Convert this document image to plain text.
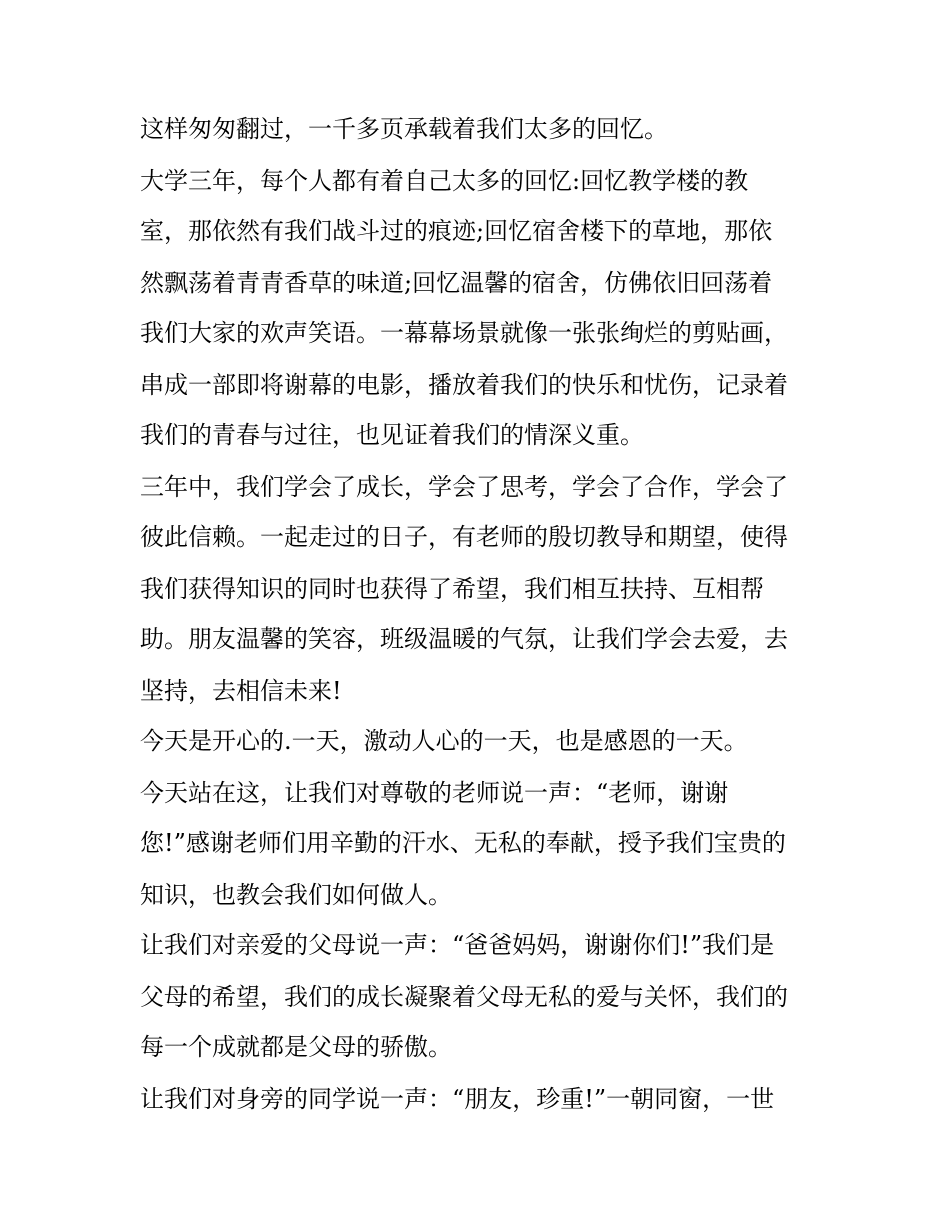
这样匆匆翻过，一千多页承载着我们太多的回忆。

大学三年，每个人都有着自己太多的回忆:回忆教学楼的教

室，那依然有我们战斗过的痕迹;回忆宿舍楼下的草地，那依

然飘荡着青青香草的味道;回忆温馨的宿舍，仿佛依旧回荡着

我们大家的欢声笑语。一幕幕场景就像一张张绚烂的剪贴画，

串成一部即将谢幕的电影，播放着我们的快乐和忧伤，记录着

我们的青春与过往，也见证着我们的情深义重。

三年中，我们学会了成长，学会了思考，学会了合作，学会了

彼此信赖。一起走过的日子，有老师的殷切教导和期望，使得

我们获得知识的同时也获得了希望，我们相互扶持、互相帮

助。朋友温馨的笑容，班级温暖的气氛，让我们学会去爱，去

坚持，去相信未来!

今天是开心的.一天，激动人心的一天，也是感恩的一天。

今天站在这，让我们对尊敬的老师说一声：“老师，谢谢

您!”感谢老师们用辛勤的汗水、无私的奉献，授予我们宝贵的

知识，也教会我们如何做人。

让我们对亲爱的父母说一声：“爸爸妈妈，谢谢你们!”我们是

父母的希望，我们的成长凝聚着父母无私的爱与关怀，我们的

每一个成就都是父母的骄傲。

让我们对身旁的同学说一声：“朋友，珍重!”一朝同窗，一世
